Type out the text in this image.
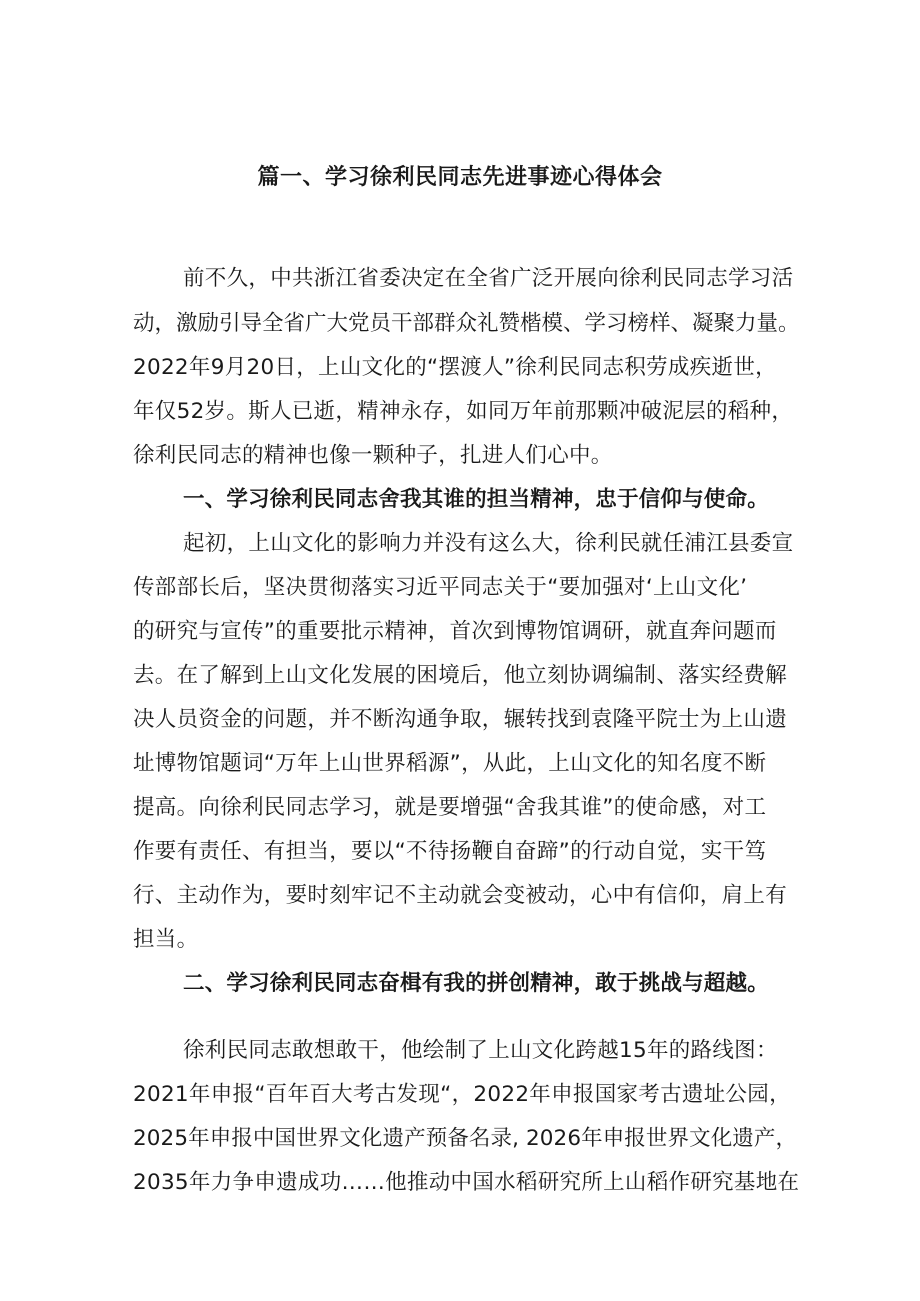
篇一、学习徐利民同志先进事迹心得体会
前不久，中共浙江省委决定在全省广泛开展向徐利民同志学习活
动，激励引导全省广大党员干部群众礼赞楷模、学习榜样、凝聚力量。
2022年9月20日，上山文化的“摆渡人”徐利民同志积劳成疾逝世，
年仅52岁。斯人已逝，精神永存，如同万年前那颗冲破泥层的稻种，
徐利民同志的精神也像一颗种子，扎进人们心中。
一、学习徐利民同志舍我其谁的担当精神，忠于信仰与使命。
起初，上山文化的影响力并没有这么大，徐利民就任浦江县委宣
传部部长后，坚决贯彻落实习近平同志关于“要加强对‘上山文化’
的研究与宣传”的重要批示精神，首次到博物馆调研，就直奔问题而
去。在了解到上山文化发展的困境后，他立刻协调编制、落实经费解
决人员资金的问题，并不断沟通争取，辗转找到袁隆平院士为上山遗
址博物馆题词“万年上山世界稻源”，从此，上山文化的知名度不断
提高。向徐利民同志学习，就是要增强“舍我其谁”的使命感，对工
作要有责任、有担当，要以“不待扬鞭自奋蹄”的行动自觉，实干笃
行、主动作为，要时刻牢记不主动就会变被动，心中有信仰，肩上有
担当。
二、学习徐利民同志奋楫有我的拼创精神，敢于挑战与超越。
徐利民同志敢想敢干，他绘制了上山文化跨越15年的路线图：
2021年申报“百年百大考古发现“，2022年申报国家考古遗址公园，
2025年申报中国世界文化遗产预备名录, 2026年申报世界文化遗产，
2035年力争申遗成功……他推动中国水稻研究所上山稻作研究基地在
